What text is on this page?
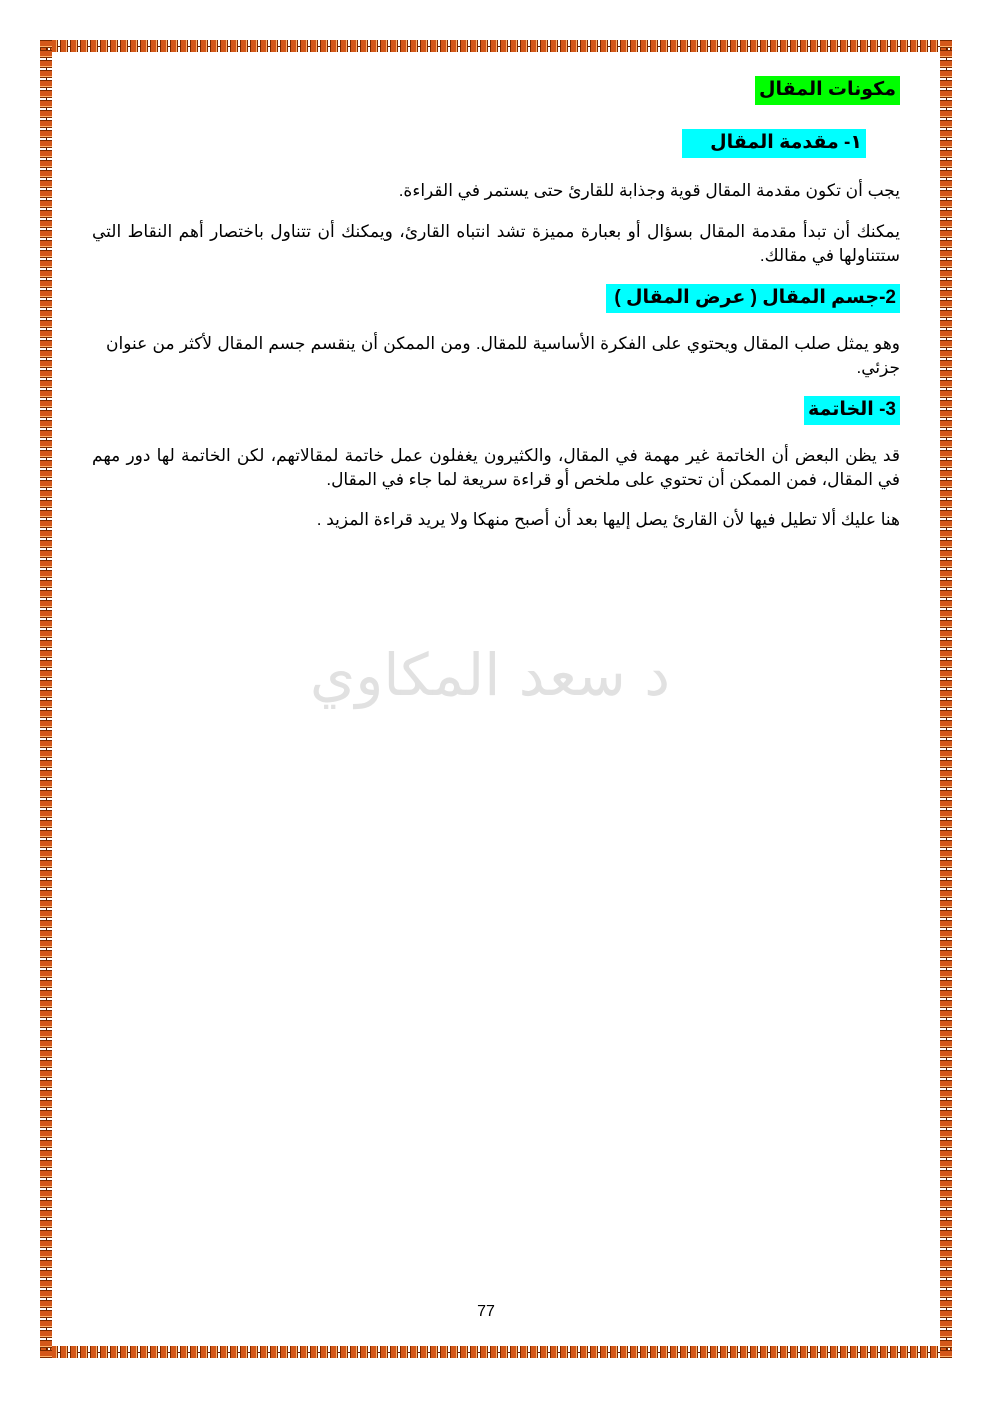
مكونات المقال
١- مقدمة المقال

يجب أن تكون مقدمة المقال قوية وجذابة للقارئ حتى يستمر في القراءة.

يمكنك أن تبدأ مقدمة المقال بسؤال أو بعبارة مميزة تشد انتباه القارئ، ويمكنك أن تتناول باختصار أهم النقاط التي ستتناولها في مقالك.

2-جسم المقال ( عرض المقال )

وهو يمثل صلب المقال ويحتوي على الفكرة الأساسية للمقال. ومن الممكن أن ينقسم جسم المقال لأكثر من عنوان جزئي.

3- الخاتمة

قد يظن البعض أن الخاتمة غير مهمة في المقال، والكثيرون يغفلون عمل خاتمة لمقالاتهم، لكن الخاتمة لها دور مهم في المقال، فمن الممكن أن تحتوي على ملخص أو قراءة سريعة لما جاء في المقال.

هنا عليك ألا تطيل فيها لأن القارئ يصل إليها بعد أن أصبح منهكا ولا يريد قراءة المزيد .

د سعد المكاوي
77
